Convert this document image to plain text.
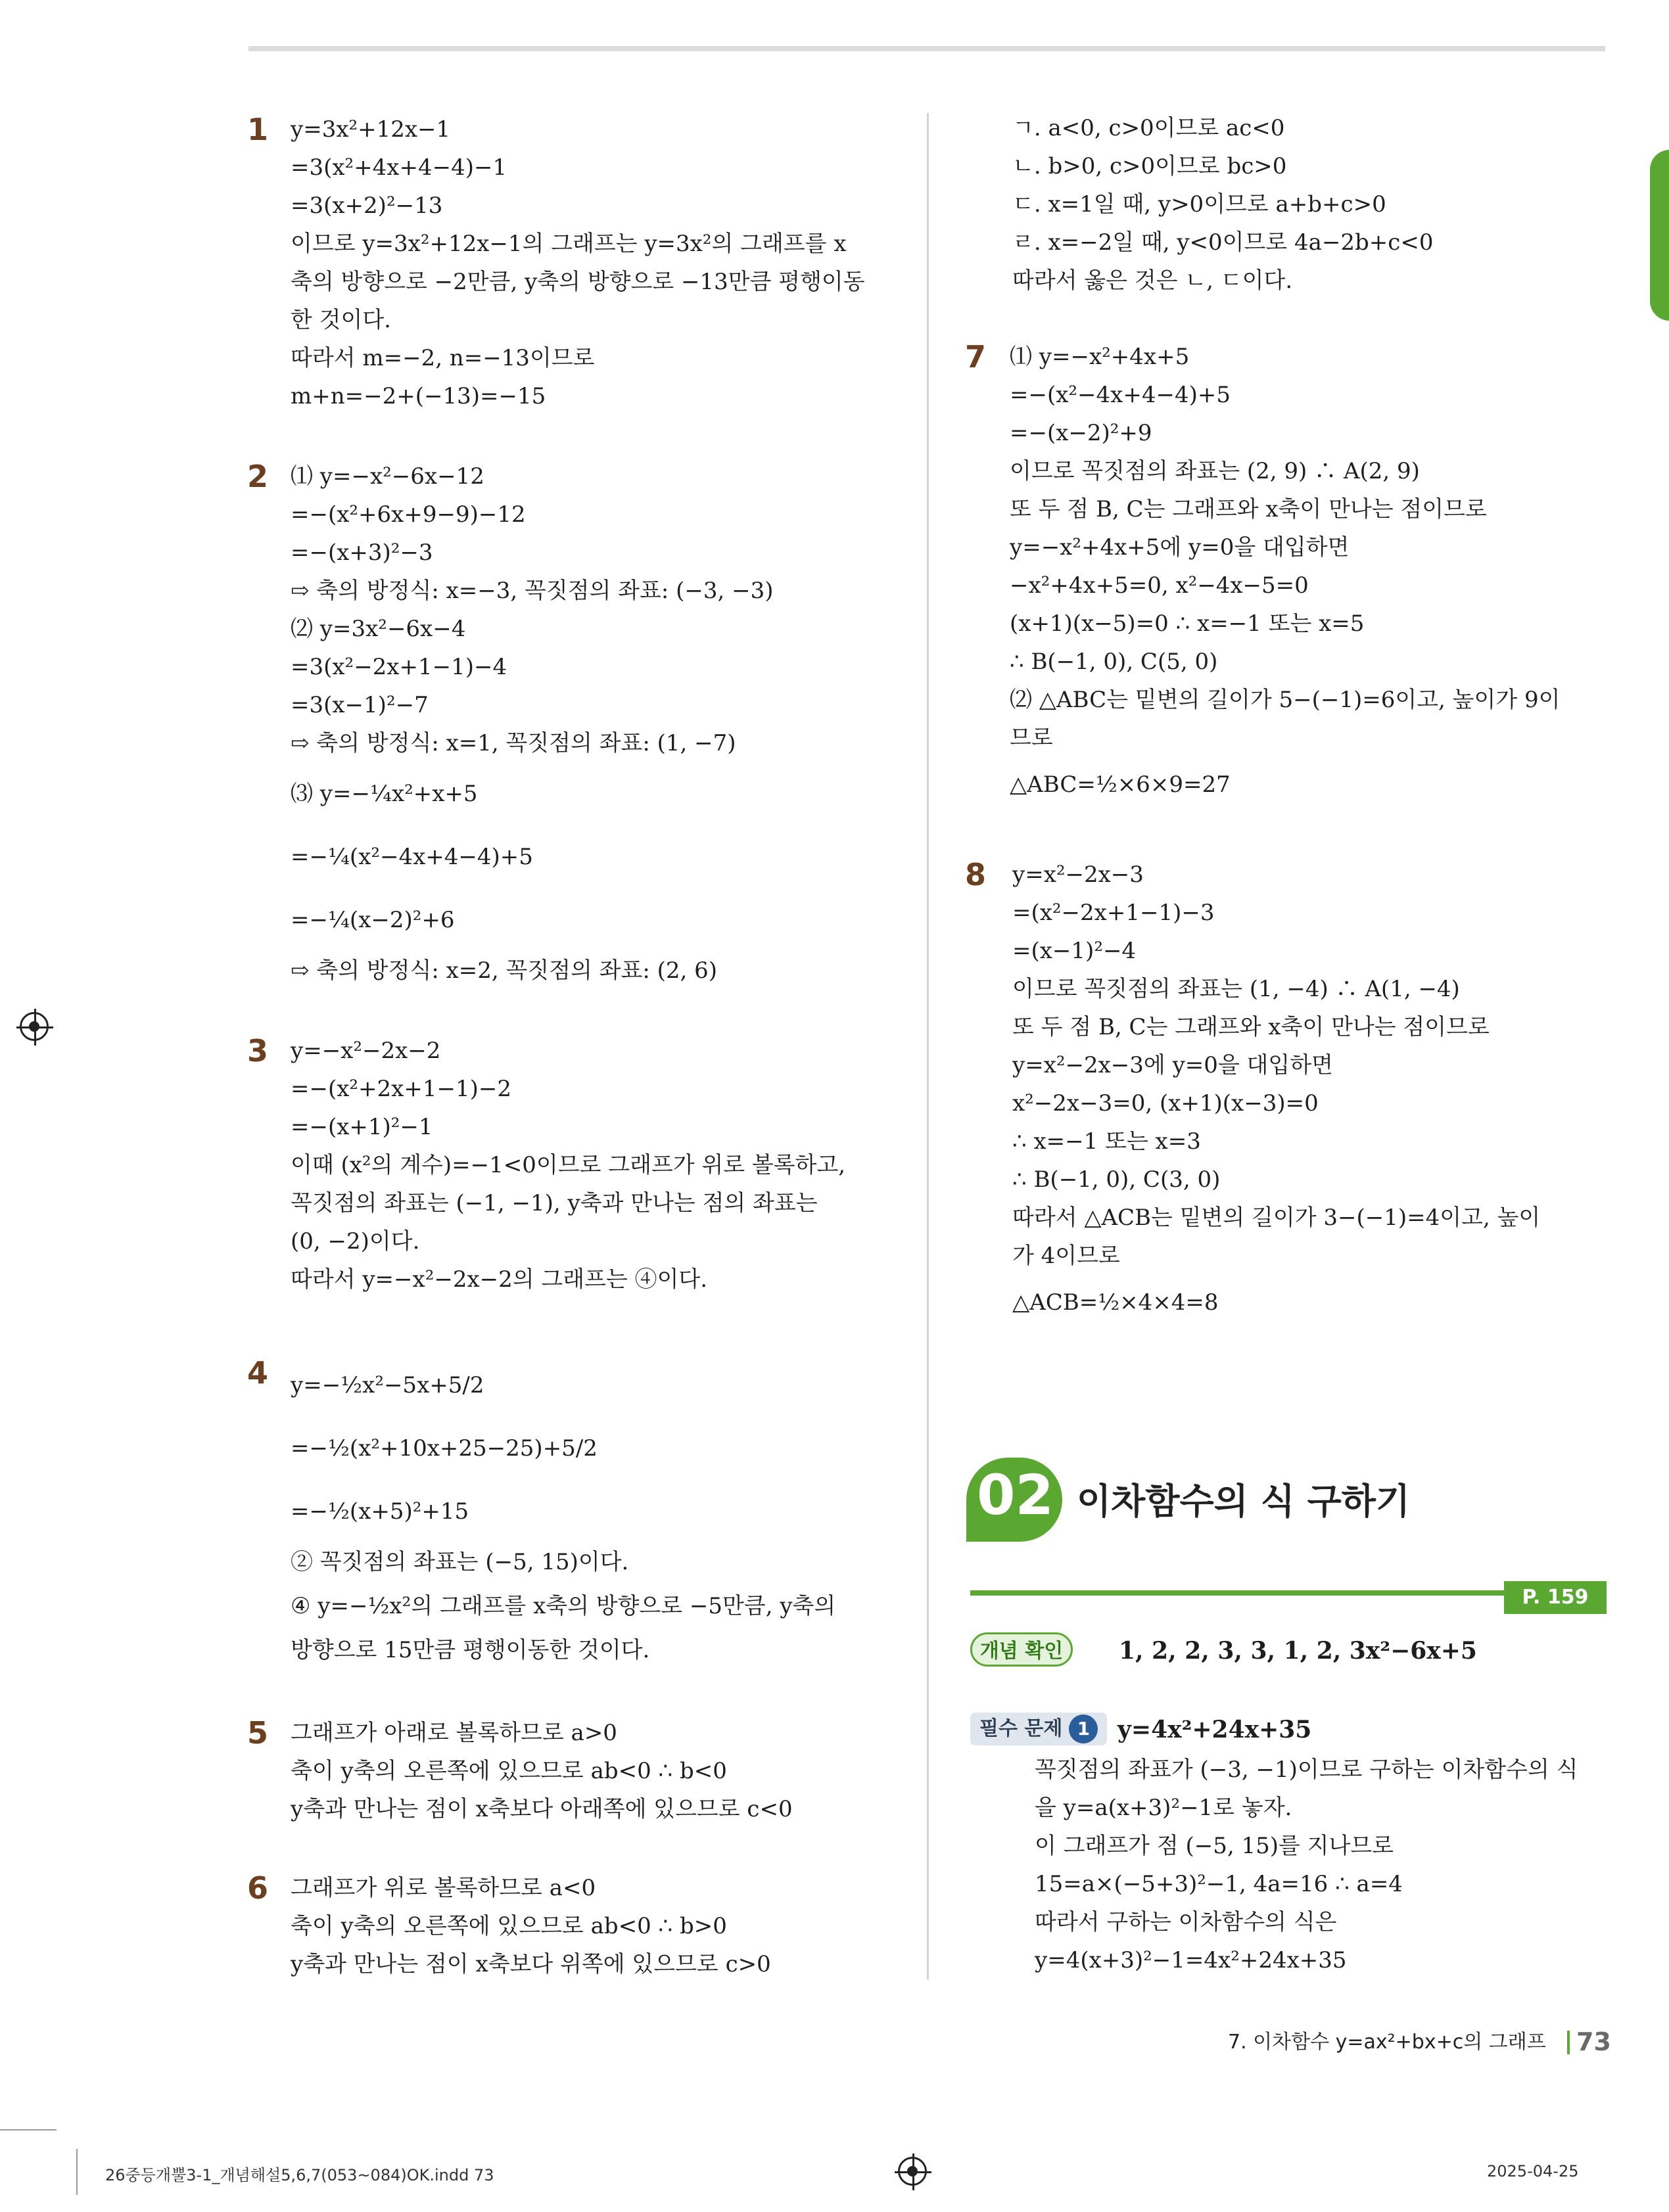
1 y=3x²+12x−1
=3(x²+4x+4−4)−1
=3(x+2)²−13
이므로 y=3x²+12x−1의 그래프는 y=3x²의 그래프를 x
축의 방향으로 −2만큼, y축의 방향으로 −13만큼 평행이동
한 것이다.
따라서 m=−2, n=−13이므로
m+n=−2+(−13)=−15
2 ⑴ y=−x²−6x−12
=−(x²+6x+9−9)−12
=−(x+3)²−3
⇨ 축의 방정식: x=−3, 꼭짓점의 좌표: (−3, −3)
⑵ y=3x²−6x−4
=3(x²−2x+1−1)−4
=3(x−1)²−7
⇨ 축의 방정식: x=1, 꼭짓점의 좌표: (1, −7)
⑶ y=−¼x²+x+5
=−¼(x²−4x+4−4)+5
=−¼(x−2)²+6
⇨ 축의 방정식: x=2, 꼭짓점의 좌표: (2, 6)
3 y=−x²−2x−2
=−(x²+2x+1−1)−2
=−(x+1)²−1
이때 (x²의 계수)=−1<0이므로 그래프가 위로 볼록하고,
꼭짓점의 좌표는 (−1, −1), y축과 만나는 점의 좌표는
(0, −2)이다.
따라서 y=−x²−2x−2의 그래프는 ④이다.
4 y=−½x²−5x+5/2
=−½(x²+10x+25−25)+5/2
=−½(x+5)²+15
② 꼭짓점의 좌표는 (−5, 15)이다.
④ y=−½x²의 그래프를 x축의 방향으로 −5만큼, y축의
방향으로 15만큼 평행이동한 것이다.
5 그래프가 아래로 볼록하므로 a>0
축이 y축의 오른쪽에 있으므로 ab<0 ∴ b<0
y축과 만나는 점이 x축보다 아래쪽에 있으므로 c<0
6 그래프가 위로 볼록하므로 a<0
축이 y축의 오른쪽에 있으므로 ab<0 ∴ b>0
y축과 만나는 점이 x축보다 위쪽에 있으므로 c>0
ㄱ. a<0, c>0이므로 ac<0
ㄴ. b>0, c>0이므로 bc>0
ㄷ. x=1일 때, y>0이므로 a+b+c>0
ㄹ. x=−2일 때, y<0이므로 4a−2b+c<0
따라서 옳은 것은 ㄴ, ㄷ이다.
7 ⑴ y=−x²+4x+5
=−(x²−4x+4−4)+5
=−(x−2)²+9
이므로 꼭짓점의 좌표는 (2, 9) ∴ A(2, 9)
또 두 점 B, C는 그래프와 x축이 만나는 점이므로
y=−x²+4x+5에 y=0을 대입하면
−x²+4x+5=0, x²−4x−5=0
(x+1)(x−5)=0 ∴ x=−1 또는 x=5
∴ B(−1, 0), C(5, 0)
⑵ △ABC는 밑변의 길이가 5−(−1)=6이고, 높이가 9이
므로
△ABC=½×6×9=27
8 y=x²−2x−3
=(x²−2x+1−1)−3
=(x−1)²−4
이므로 꼭짓점의 좌표는 (1, −4) ∴ A(1, −4)
또 두 점 B, C는 그래프와 x축이 만나는 점이므로
y=x²−2x−3에 y=0을 대입하면
x²−2x−3=0, (x+1)(x−3)=0
∴ x=−1 또는 x=3
∴ B(−1, 0), C(3, 0)
따라서 △ACB는 밑변의 길이가 3−(−1)=4이고, 높이
가 4이므로
△ACB=½×4×4=8
02 이차함수의 식 구하기
P. 159
개념 확인	1, 2, 2, 3, 3, 1, 2, 3x²−6x+5
필수 문제 1	y=4x²+24x+35
꼭짓점의 좌표가 (−3, −1)이므로 구하는 이차함수의 식
을 y=a(x+3)²−1로 놓자.
이 그래프가 점 (−5, 15)를 지나므로
15=a×(−5+3)²−1, 4a=16 ∴ a=4
따라서 구하는 이차함수의 식은
y=4(x+3)²−1=4x²+24x+35
7. 이차함수 y=ax²+bx+c의 그래프 73
26중등개뿔3-1_개념해설5,6,7(053~084)OK.indd 73	2025-04-25
